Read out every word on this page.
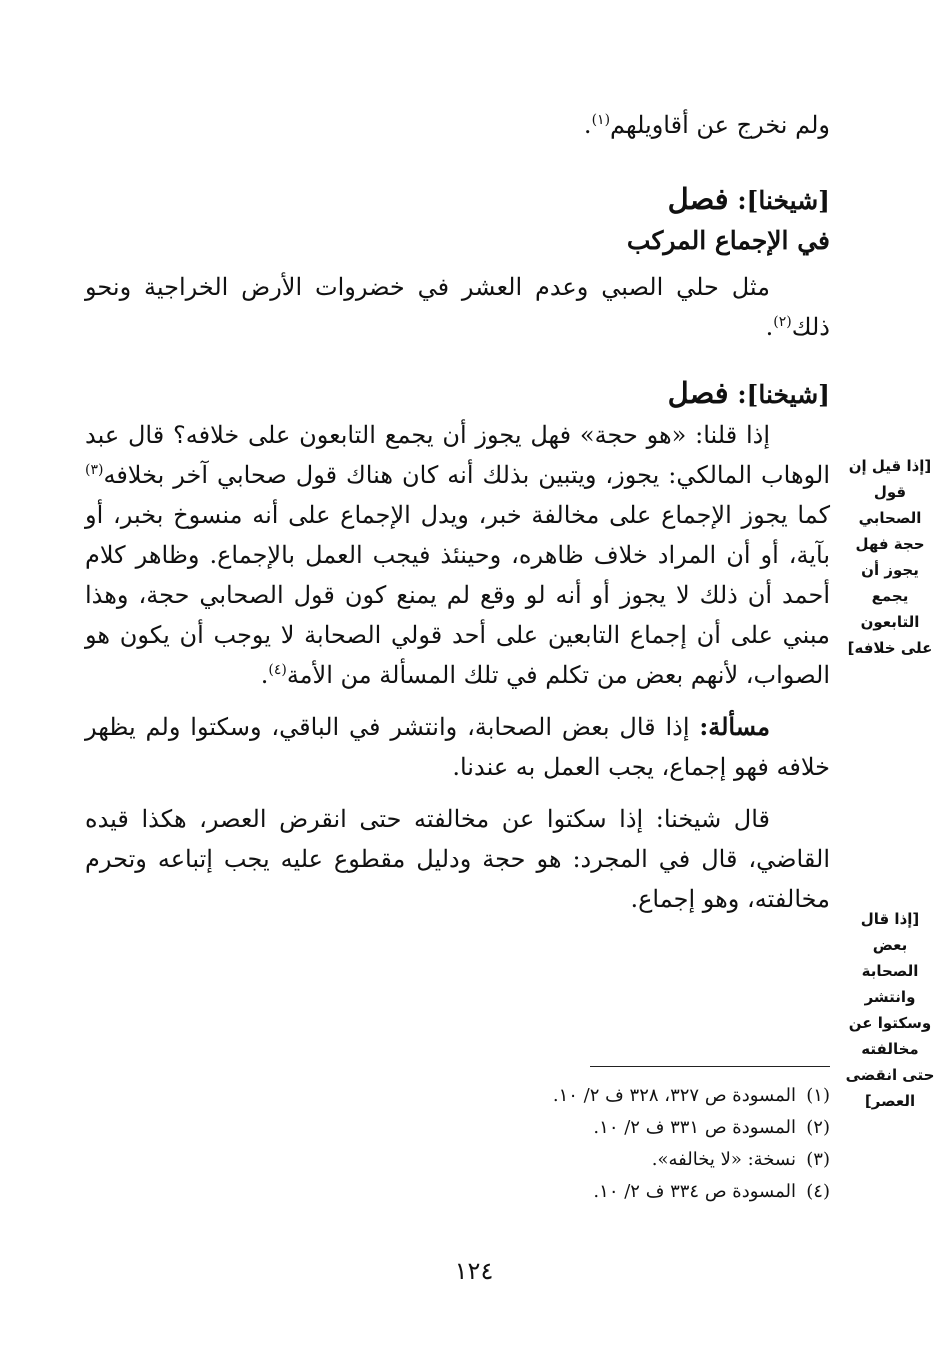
ولم نخرج عن أقاويلهم$^{(١)}$.

[شيخنا]: فصل

في الإجماع المركب

مثل حلي الصبي وعدم العشر في خضروات الأرض الخراجية ونحو ذلك$^{(٢)}$.

[شيخنا]: فصل

إذا قلنا: «هو حجة» فهل يجوز أن يجمع التابعون على خلافه؟ قال عبد الوهاب المالكي: يجوز، ويتبين بذلك أنه كان هناك قول صحابي آخر بخلافه$^{(٣)}$ كما يجوز الإجماع على مخالفة خبر، ويدل الإجماع على أنه منسوخ بخبر، أو بآية، أو أن المراد خلاف ظاهره، وحينئذ فيجب العمل بالإجماع. وظاهر كلام أحمد أن ذلك لا يجوز أو أنه لو وقع لم يمنع كون قول الصحابي حجة، وهذا مبني على أن إجماع التابعين على أحد قولي الصحابة لا يوجب أن يكون هو الصواب، لأنهم بعض من تكلم في تلك المسألة من الأمة$^{(٤)}$.

مسألة: إذا قال بعض الصحابة، وانتشر في الباقي، وسكتوا ولم يظهر خلافه فهو إجماع، يجب العمل به عندنا.

قال شيخنا: إذا سكتوا عن مخالفته حتى انقرض العصر، هكذا قيده القاضي، قال في المجرد: هو حجة ودليل مقطوع عليه يجب إتباعه وتحرم مخالفته، وهو إجماع.

[إذا قيل إن قول الصحابي حجة فهل يجوز أن يجمع التابعون على خلافه]
[إذا قال بعض الصحابة وانتشر وسكتوا عن مخالفته حتى انقضى العصر]
(١)المسودة ص ٣٢٧، ٣٢٨ ف ٢/ ١٠.
(٢)المسودة ص ٣٣١ ف ٢/ ١٠.
(٣)نسخة: «لا يخالفه».
(٤)المسودة ص ٣٣٤ ف ٢/ ١٠.
١٢٤
